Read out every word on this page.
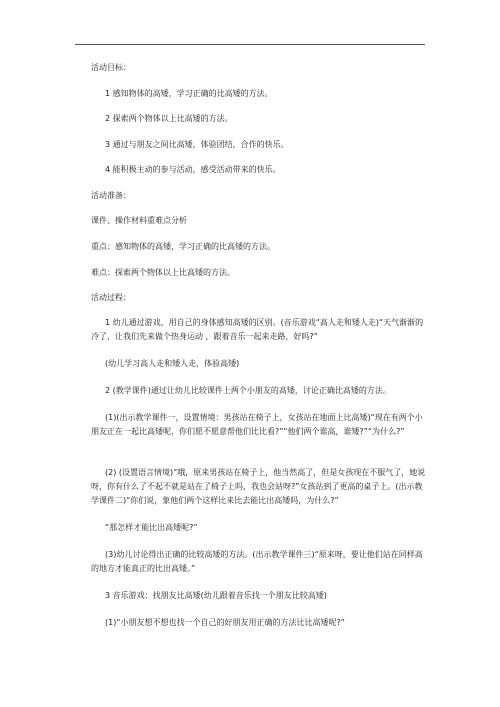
活动目标：

1 感知物体的高矮，学习正确的比高矮的方法。

2 探索两个物体以上比高矮的方法。

3 通过与朋友之间比高矮，体验团结，合作的快乐。

4 能积极主动的参与活动，感受活动带来的快乐。

活动准备：

课件、操作材料重难点分析

重点：感知物体的高矮，学习正确的比高矮的方法。

难点：探索两个物体以上比高矮的方法。

活动过程：

1 幼儿通过游戏，用自己的身体感知高矮的区别。(音乐游戏“高人走和矮人走)“天气渐渐的冷了，让我们先来做个热身运动 ，跟着音乐一起来走路，好吗?”

(幼儿学习高人走和矮人走，体验高矮)

2 (教学课件)通过让幼儿比较课件上两个小朋友的高矮，讨论正确比高矮的方法。

(1)(出示教学课件一，设置情境：男孩站在椅子上，女孩站在地面上比高矮)“现在有两个小朋友正在一起比高矮呢，你们愿不愿意帮他们比比看?”“他们两个谁高，谁矮?”“为什么?”

(2) (设置语言情境)“哦，原来男孩站在椅子上，他当然高了，但是女孩现在不服气了，她说呀，你有什么了不起不就是站在了椅子上吗，我也会站呀?”女孩站到了更高的桌子上。(出示教学课件二)“你们说，象他们两个这样比来比去能比出高矮吗，为什么?”

“那怎样才能比出高矮呢?”

(3)幼儿讨论得出正确的比较高矮的方法。(出示教学课件三)“原来呀，要让他们站在同样高的地方才能真正的比出高矮。”

3 音乐游戏：找朋友比高矮(幼儿跟着音乐找一个朋友比较高矮)

(1)“小朋友想不想也找一个自己的好朋友用正确的方法比比高矮呢?”
